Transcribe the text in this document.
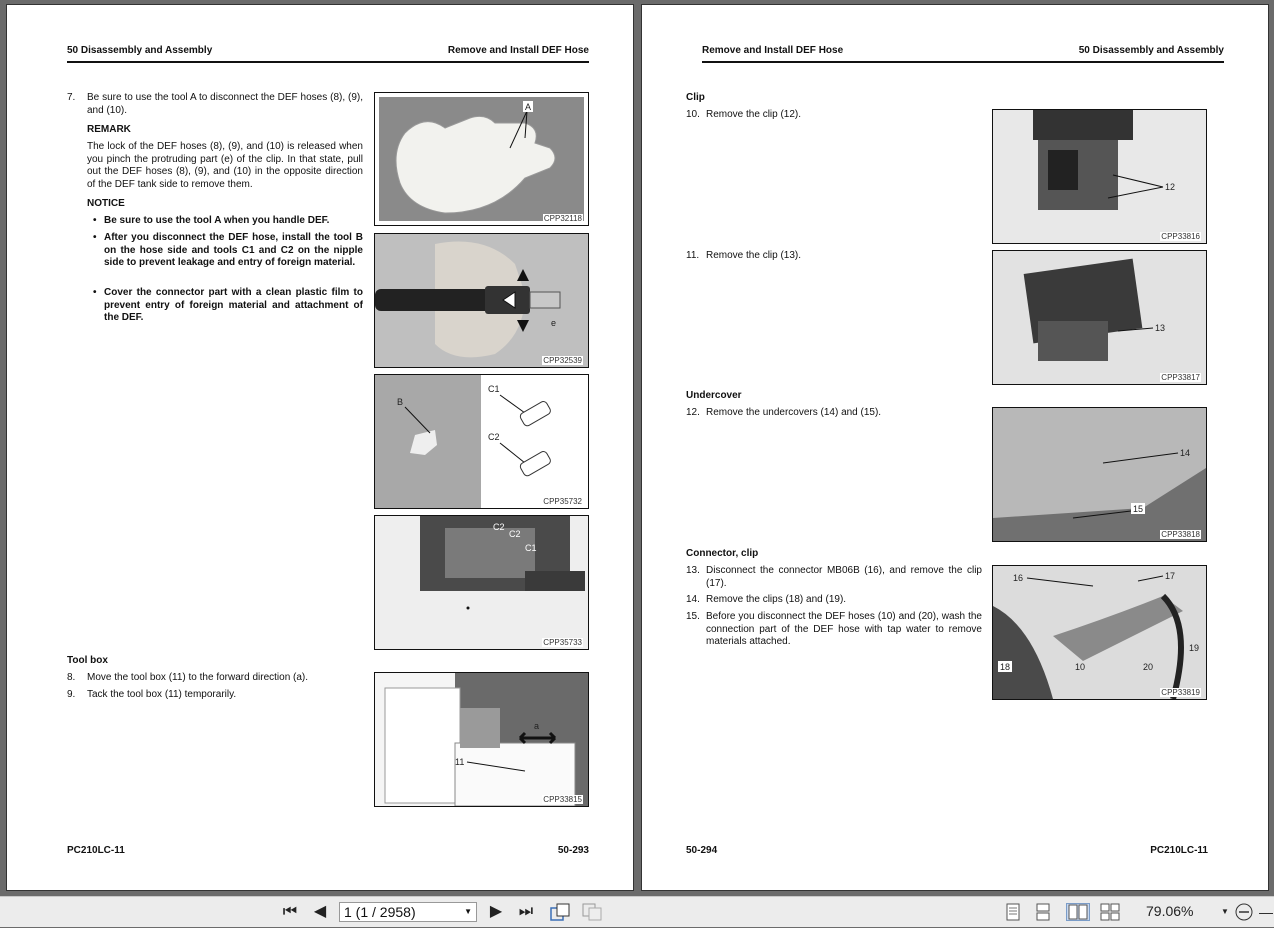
50 Disassembly and Assembly	Remove and Install DEF Hose
7. Be sure to use the tool A to disconnect the DEF hoses (8), (9), and (10).
REMARK
The lock of the DEF hoses (8), (9), and (10) is released when you pinch the protruding part (e) of the clip. In that state, pull out the DEF hoses (8), (9), and (10) in the opposite direction of the DEF tank side to remove them.
NOTICE
• Be sure to use the tool A when you handle DEF.
• After you disconnect the DEF hose, install the tool B on the hose side and tools C1 and C2 on the nipple side to prevent leakage and entry of foreign material.
• Cover the connector part with a clean plastic film to prevent entry of foreign material and attachment of the DEF.
A
CPP32118
e
CPP32539
B
C1
C2
CPP35732
C2
C2
C1
CPP35733
Tool box
8. Move the tool box (11) to the forward direction (a).
9. Tack the tool box (11) temporarily.
a
11
CPP33815
PC210LC-11	50-293
Remove and Install DEF Hose	50 Disassembly and Assembly
Clip
10. Remove the clip (12).
12
CPP33816
11. Remove the clip (13).
13
CPP33817
Undercover
12. Remove the undercovers (14) and (15).
14
15
CPP33818
Connector, clip
13. Disconnect the connector MB06B (16), and remove the clip (17).
14. Remove the clips (18) and (19).
15. Before you disconnect the DEF hoses (10) and (20), wash the connection part of the DEF hose with tap water to remove materials attached.
16	17
18	10	20
19
CPP33819
50-294	PC210LC-11
⏮ ◀	1 (1 / 2958)	▼ ▶ ⏭	79.06%	▼ —
